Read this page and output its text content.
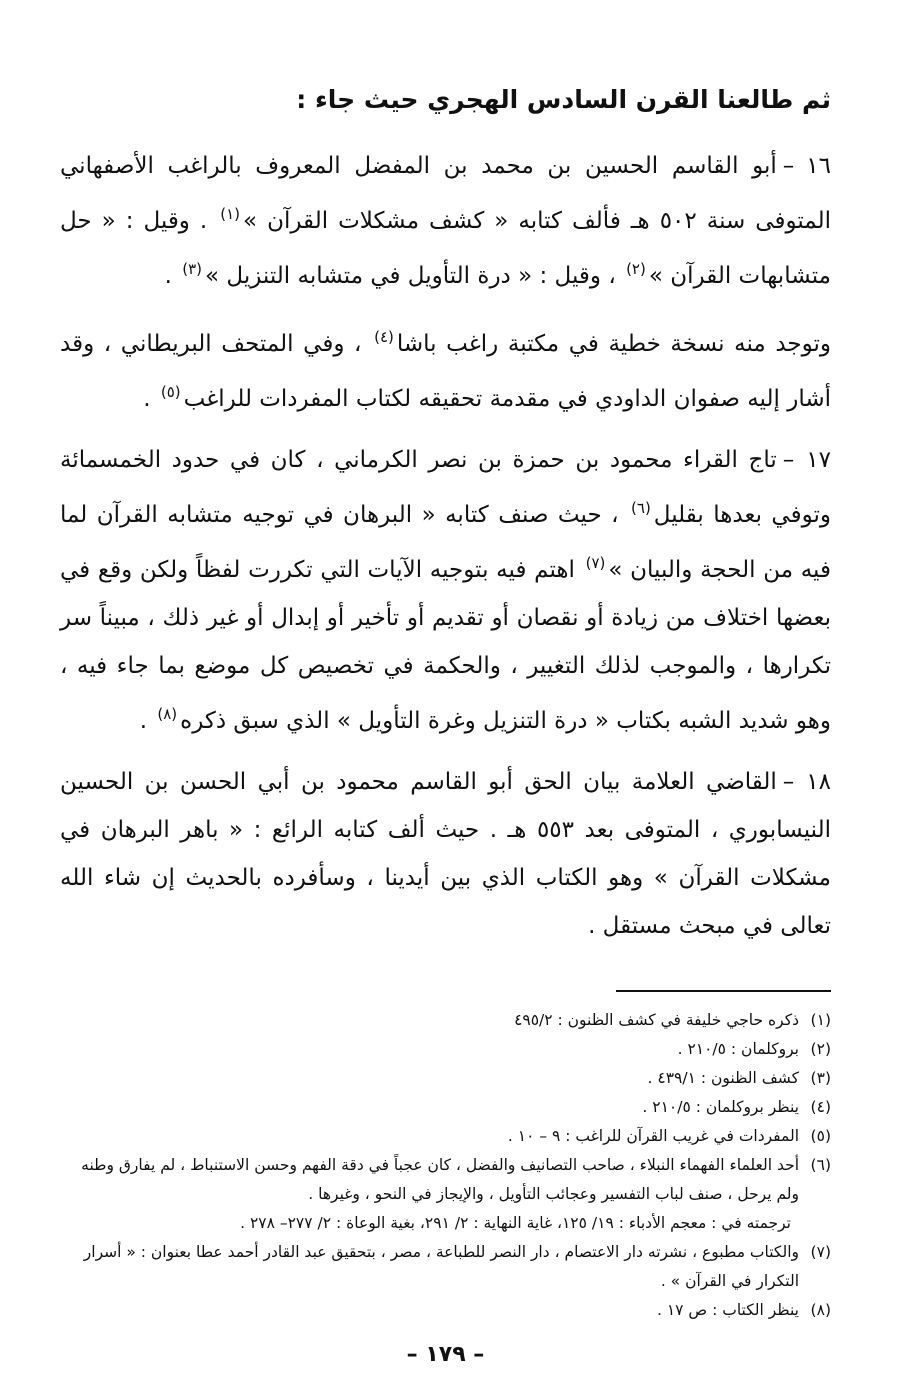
ثم طالعنا القرن السادس الهجري حيث جاء :

١٦–أبو القاسم الحسين بن محمد بن المفضل المعروف بالراغب الأصفهاني المتوفى سنة ٥٠٢ هـ فألف كتابه « كشف مشكلات القرآن »$^{(١)}$ . وقيل : « حل متشابهات القرآن »$^{(٢)}$ ، وقيل : « درة التأويل في متشابه التنزيل »$^{(٣)}$ .

وتوجد منه نسخة خطية في مكتبة راغب باشا$^{(٤)}$ ، وفي المتحف البريطاني ، وقد أشار إليه صفوان الداودي في مقدمة تحقيقه لكتاب المفردات للراغب$^{(٥)}$ .

١٧–تاج القراء محمود بن حمزة بن نصر الكرماني ، كان في حدود الخمسمائة وتوفي بعدها بقليل$^{(٦)}$ ، حيث صنف كتابه « البرهان في توجيه متشابه القرآن لما فيه من الحجة والبيان »$^{(٧)}$ اهتم فيه بتوجيه الآيات التي تكررت لفظاً ولكن وقع في بعضها اختلاف من زيادة أو نقصان أو تقديم أو تأخير أو إبدال أو غير ذلك ، مبيناً سر تكرارها ، والموجب لذلك التغيير ، والحكمة في تخصيص كل موضع بما جاء فيه ، وهو شديد الشبه بكتاب « درة التنزيل وغرة التأويل » الذي سبق ذكره$^{(٨)}$ .

١٨–القاضي العلامة بيان الحق أبو القاسم محمود بن أبي الحسن بن الحسين النيسابوري ، المتوفى بعد ٥٥٣ هـ . حيث ألف كتابه الرائع : « باهر البرهان في مشكلات القرآن » وهو الكتاب الذي بين أيدينا ، وسأفرده بالحديث إن شاء الله تعالى في مبحث مستقل .

(١)
ذكره حاجي خليفة في كشف الظنون : ٤٩٥/٢

(٢)
بروكلمان : ٢١٠/٥ .

(٣)
كشف الظنون : ٤٣٩/١ .

(٤)
ينظر بروكلمان : ٢١٠/٥ .

(٥)
المفردات في غريب القرآن للراغب : ٩ – ١٠ .

(٦)
أحد العلماء الفهماء النبلاء ، صاحب التصانيف والفضل ، كان عجباً في دقة الفهم وحسن الاستنباط ، لم يفارق وطنه ولم يرحل ، صنف لباب التفسير وعجائب التأويل ، والإيجاز في النحو ، وغيرها .

ترجمته في : معجم الأدباء : ١٩/ ١٢٥، غاية النهاية : ٢/ ٢٩١، بغية الوعاة : ٢/ ٢٧٧– ٢٧٨ .

(٧)
والكتاب مطبوع ، نشرته دار الاعتصام ، دار النصر للطباعة ، مصر ، بتحقيق عبد القادر أحمد عطا بعنوان : « أسرار التكرار في القرآن » .

(٨)
ينظر الكتاب : ص ١٧ .

– ١٧٩ –
